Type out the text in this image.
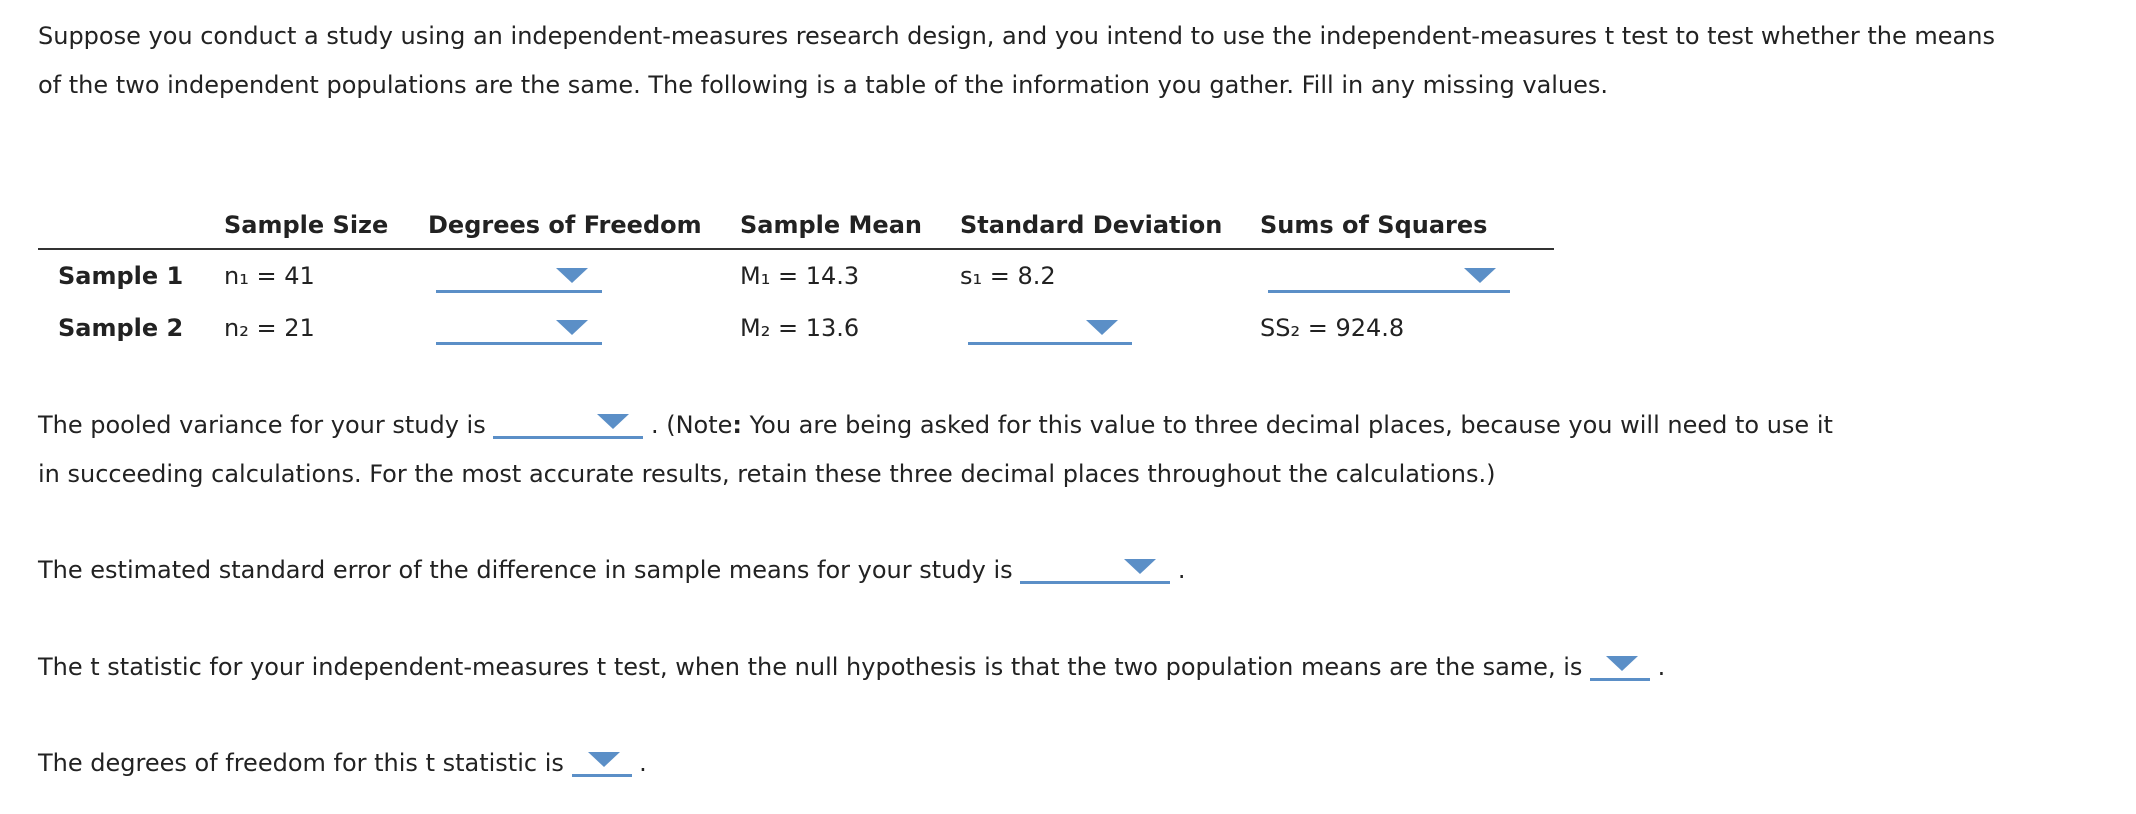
Suppose you conduct a study using an independent-measures research design, and you intend to use the independent-measures t test to test whether the means of the two independent populations are the same. The following is a table of the information you gather. Fill in any missing values.

	Sample Size	Degrees of Freedom	Sample Mean	Standard Deviation	Sums of Squares
Sample 1	n₁ = 41		M₁ = 14.3	s₁ = 8.2	

Sample 2	n₂ = 21		M₂ = 13.6		SS₂ = 924.8

The pooled variance for your study is	. (Note: You are being asked for this value to three decimal places, because you will need to use it

in succeeding calculations. For the most accurate results, retain these three decimal places throughout the calculations.)

The estimated standard error of the difference in sample means for your study is	.

The t statistic for your independent-measures t test, when the null hypothesis is that the two population means are the same, is	.

The degrees of freedom for this t statistic is	.
